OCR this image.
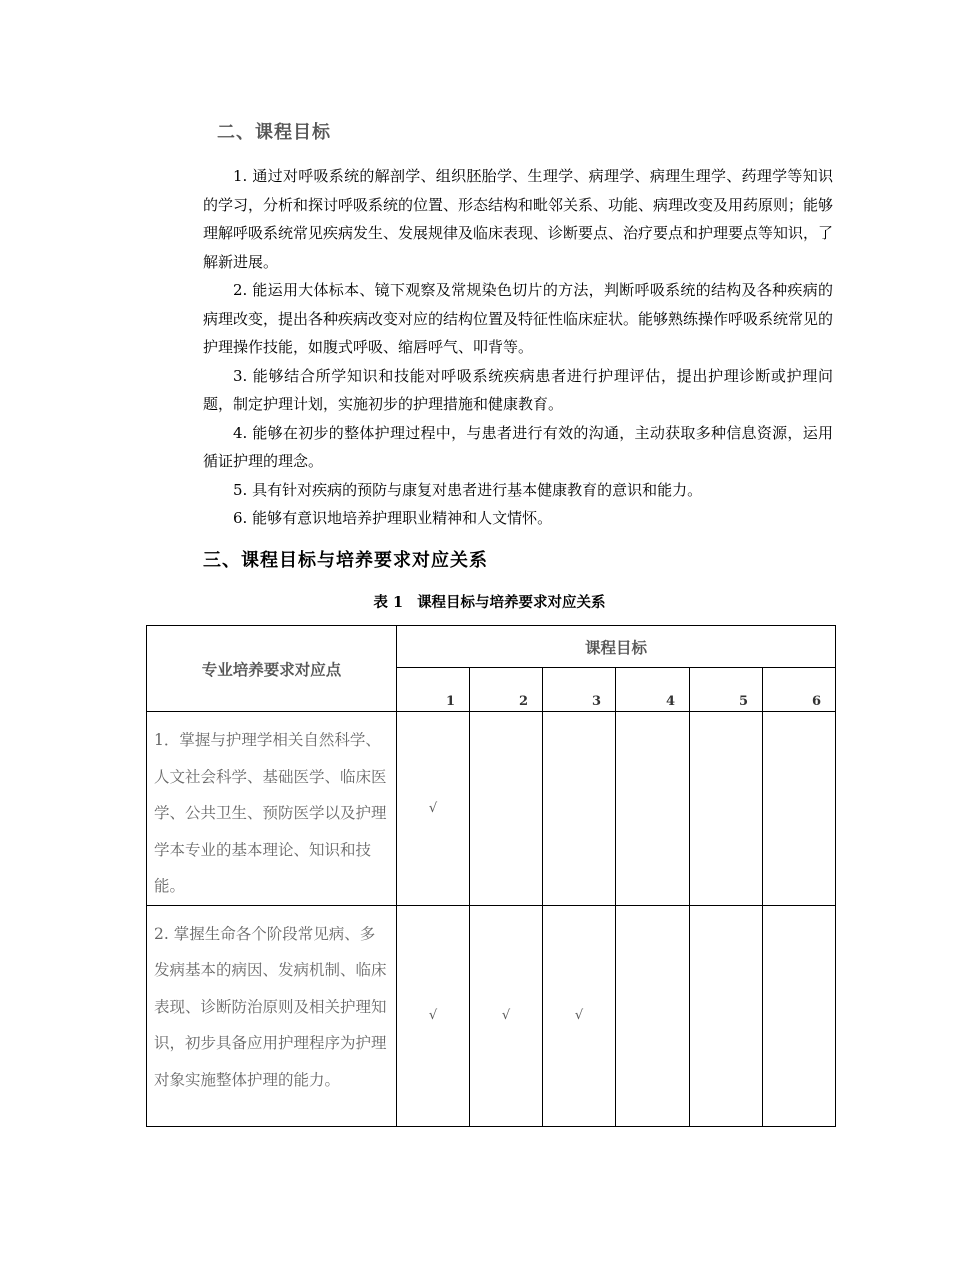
二、课程目标

1. 通过对呼吸系统的解剖学、组织胚胎学、生理学、病理学、病理生理学、药理学等知识的学习，分析和探讨呼吸系统的位置、形态结构和毗邻关系、功能、病理改变及用药原则；能够理解呼吸系统常见疾病发生、发展规律及临床表现、诊断要点、治疗要点和护理要点等知识，了解新进展。

2. 能运用大体标本、镜下观察及常规染色切片的方法，判断呼吸系统的结构及各种疾病的病理改变，提出各种疾病改变对应的结构位置及特征性临床症状。能够熟练操作呼吸系统常见的护理操作技能，如腹式呼吸、缩唇呼气、叩背等。

3. 能够结合所学知识和技能对呼吸系统疾病患者进行护理评估，提出护理诊断或护理问题，制定护理计划，实施初步的护理措施和健康教育。

4. 能够在初步的整体护理过程中，与患者进行有效的沟通，主动获取多种信息资源，运用循证护理的理念。

5. 具有针对疾病的预防与康复对患者进行基本健康教育的意识和能力。

6. 能够有意识地培养护理职业精神和人文情怀。

三、课程目标与培养要求对应关系
表 1 课程目标与培养要求对应关系
专业培养要求对应点	课程目标					
	1	2	3	4	5	6
1．掌握与护理学相关自然科学、人文社会科学、基础医学、临床医学、公共卫生、预防医学以及护理学本专业的基本理论、知识和技能。	√					
2. 掌握生命各个阶段常见病、多发病基本的病因、发病机制、临床表现、诊断防治原则及相关护理知识，初步具备应用护理程序为护理对象实施整体护理的能力。	√	√	√			
